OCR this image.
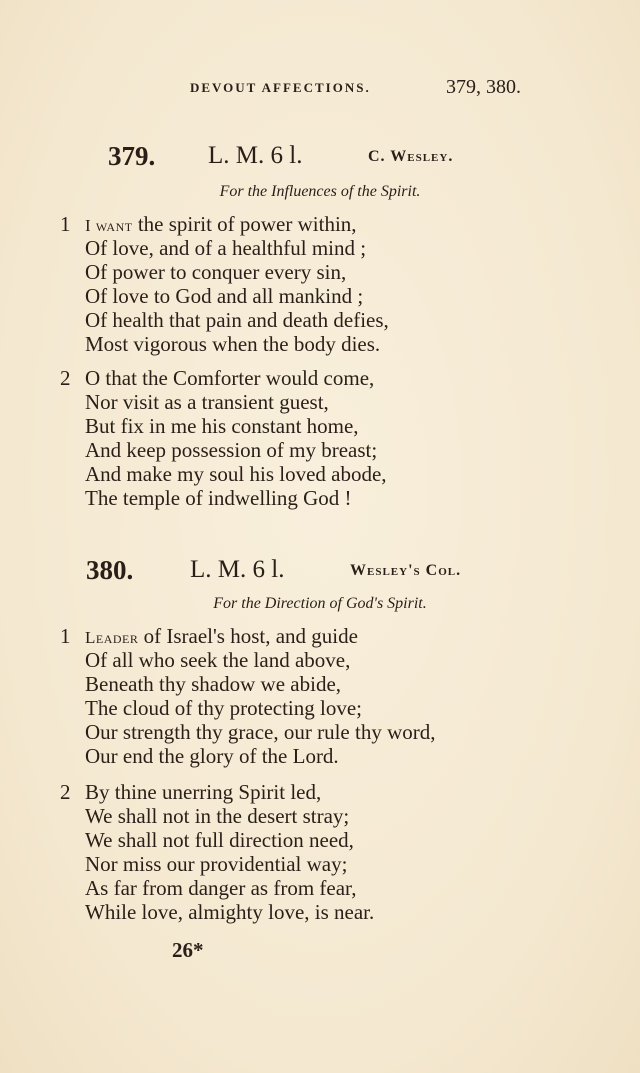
DEVOUT AFFECTIONS.	379, 380.
379. L. M. 6 l.	C. Wesley.
For the Influences of the Spirit.
1 I want the spirit of power within,
Of love, and of a healthful mind ;
Of power to conquer every sin,
Of love to God and all mankind ;
Of health that pain and death defies,
Most vigorous when the body dies.
2 O that the Comforter would come,
Nor visit as a transient guest,
But fix in me his constant home,
And keep possession of my breast;
And make my soul his loved abode,
The temple of indwelling God !
380. L. M. 6 l.	Wesley's Col.
For the Direction of God's Spirit.
1 Leader of Israel's host, and guide
Of all who seek the land above,
Beneath thy shadow we abide,
The cloud of thy protecting love;
Our strength thy grace, our rule thy word,
Our end the glory of the Lord.
2 By thine unerring Spirit led,
We shall not in the desert stray;
We shall not full direction need,
Nor miss our providential way;
As far from danger as from fear,
While love, almighty love, is near.
26*
